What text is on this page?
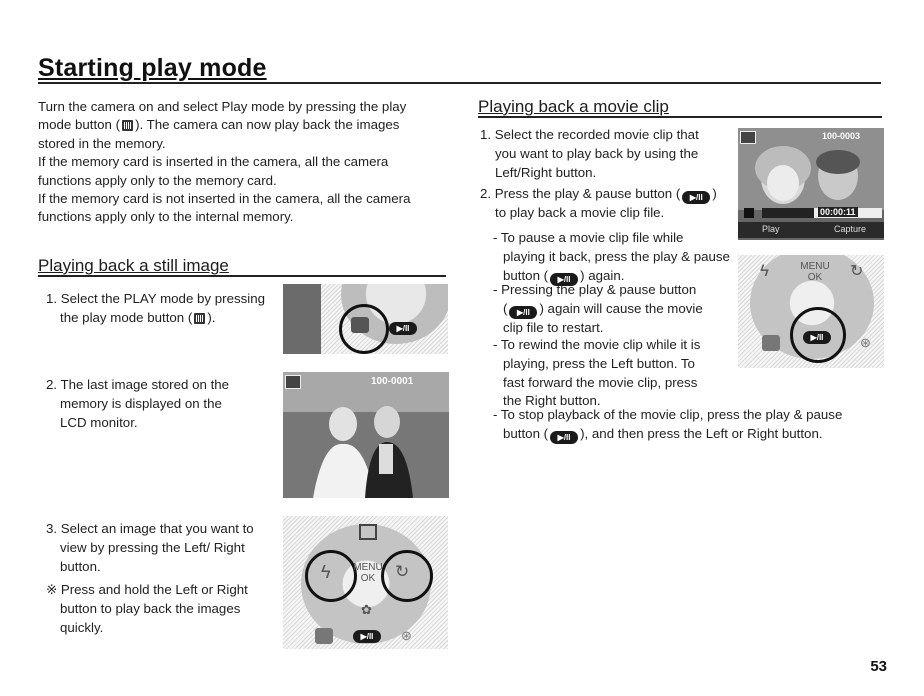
Starting play mode
Turn the camera on and select Play mode by pressing the play
mode button ( ). The camera can now play back the images
stored in the memory.
If the memory card is inserted in the camera, all the camera
functions apply only to the memory card.
If the memory card is not inserted in the camera, all the camera
functions apply only to the internal memory.
Playing back a still image
1. Select the PLAY mode by pressing
the play mode button ( ).
▶/II
2. The last image stored on the
memory is displayed on the
LCD monitor.
100-0001
3. Select an image that you want to
view by pressing the Left/ Right
button.
※ Press and hold the Left or Right
button to play back the images
quickly.
ϟ	↻
MENU
OK
✿
▶/II	⊛
Playing back a movie clip
1. Select the recorded movie clip that
you want to play back by using the
Left/Right button.
2. Press the play & pause button ( ▶/II )
to play back a movie clip file.
- To pause a movie clip file while
playing it back, press the play & pause
button ( ▶/II ) again.
- Pressing the play & pause button
( ▶/II ) again will cause the movie
clip file to restart.
- To rewind the movie clip while it is
playing, press the Left button. To
fast forward the movie clip, press
the Right button.
- To stop playback of the movie clip, press the play & pause
button ( ▶/II ), and then press the Left or Right button.
100-0003
00:00:11
Play	Capture
ϟ	↻
MENU
OK
▶/II	⊛
53
